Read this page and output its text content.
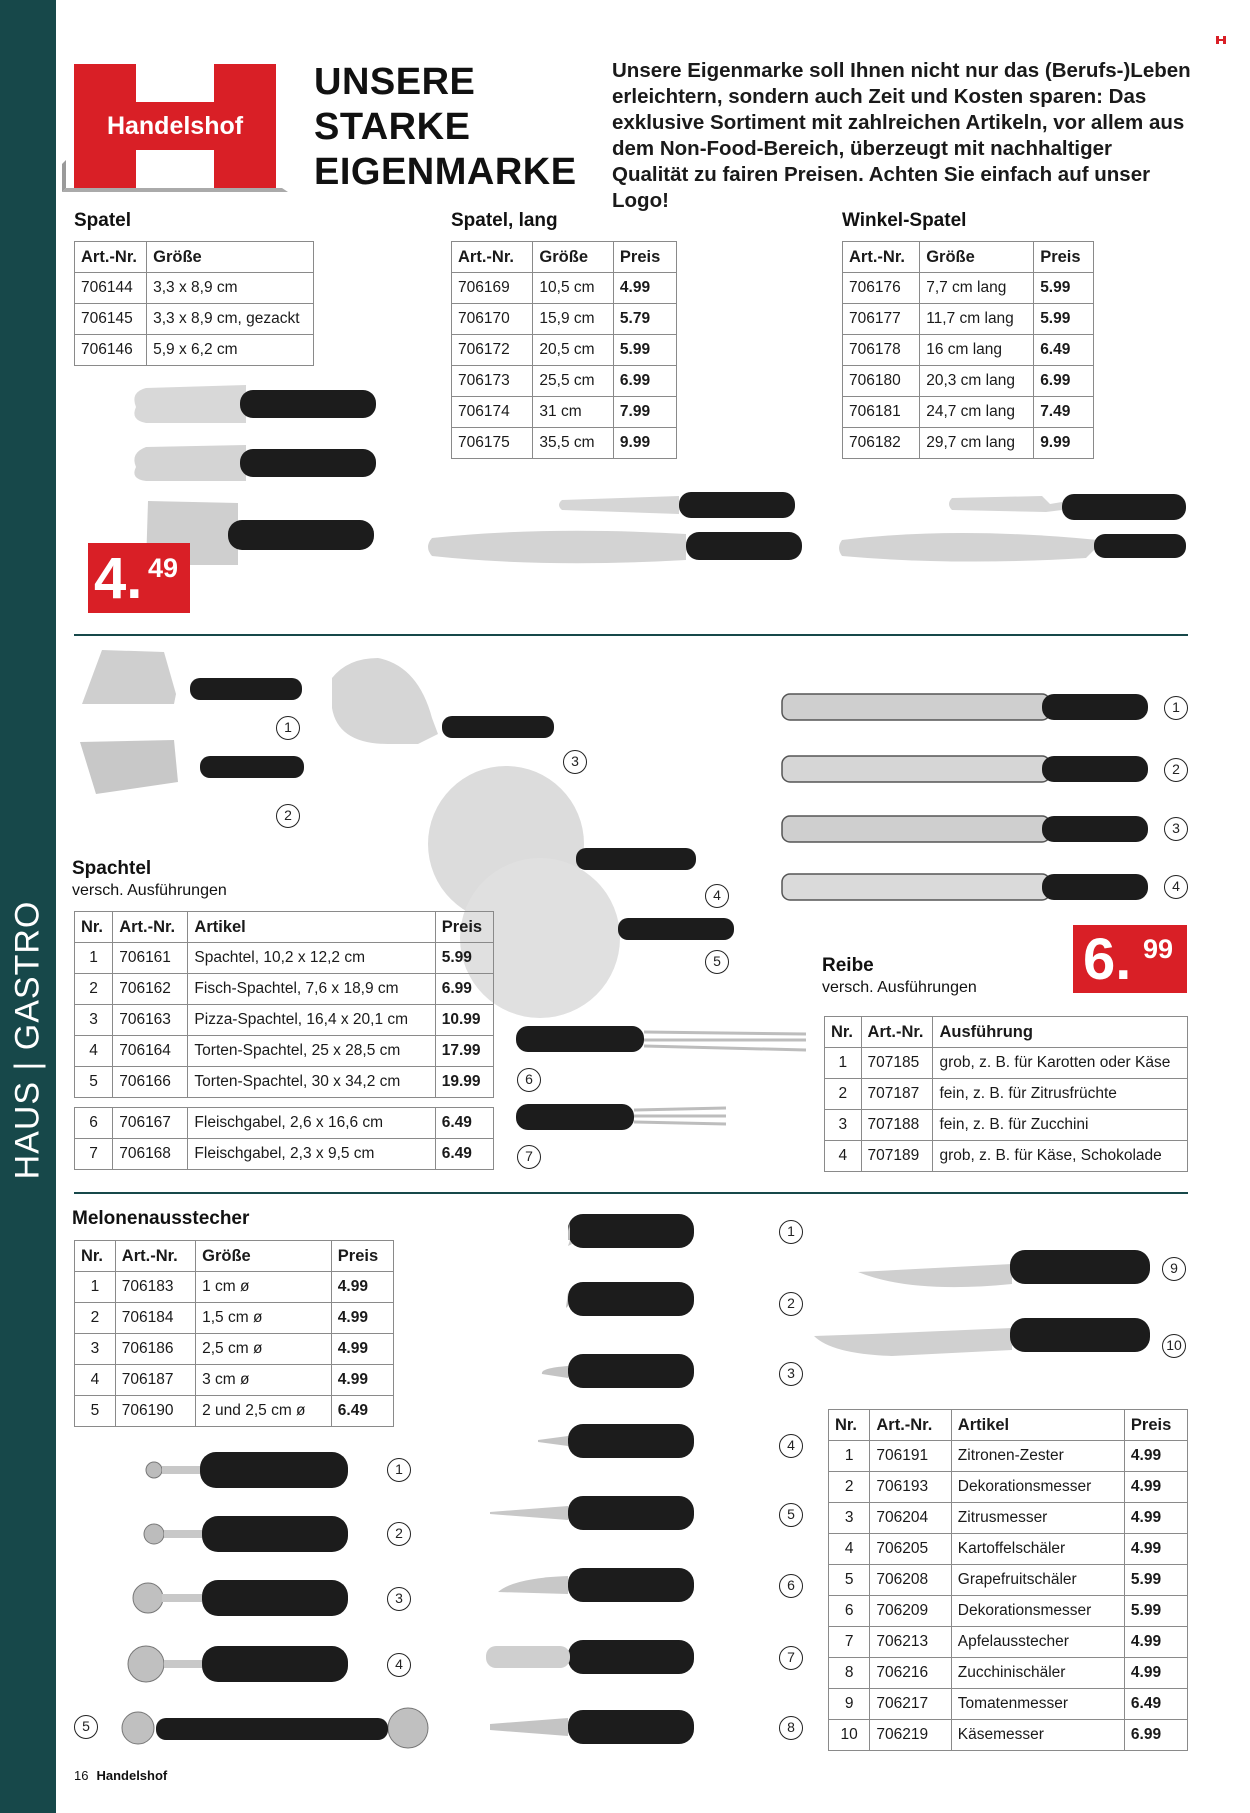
HAUS | GASTRO
Handelshof
UNSERE
STARKE
EIGENMARKE
Unsere Eigenmarke soll Ihnen nicht nur das (Berufs-)Leben erleichtern, sondern auch Zeit und Kosten sparen: Das exklusive Sortiment mit zahlreichen Artikeln, vor allem aus dem Non-Food-Bereich, überzeugt mit nachhaltiger Qualität zu fairen Preisen. Achten Sie einfach auf unser Logo!
Spatel
Art.-Nr.	Größe
706144	3,3 x 8,9 cm
706145	3,3 x 8,9 cm, gezackt
706146	5,9 x 6,2 cm
4. 49
Spatel, lang
Art.-Nr.	Größe	Preis
706169	10,5 cm	4.99
706170	15,9 cm	5.79
706172	20,5 cm	5.99
706173	25,5 cm	6.99
706174	31 cm	7.99
706175	35,5 cm	9.99
Winkel-Spatel
Art.-Nr.	Größe	Preis
706176	7,7 cm lang	5.99
706177	11,7 cm lang	5.99
706178	16 cm lang	6.49
706180	20,3 cm lang	6.99
706181	24,7 cm lang	7.49
706182	29,7 cm lang	9.99
1
2
3
4
5
6
7
Spachtel
versch. Ausführungen
Nr.	Art.-Nr.	Artikel	Preis
1	706161	Spachtel, 10,2 x 12,2 cm	5.99
2	706162	Fisch-Spachtel, 7,6 x 18,9 cm	6.99
3	706163	Pizza-Spachtel, 16,4 x 20,1 cm	10.99
4	706164	Torten-Spachtel, 25 x 28,5 cm	17.99
5	706166	Torten-Spachtel, 30 x 34,2 cm	19.99

6	706167	Fleischgabel, 2,6 x 16,6 cm	6.49
7	706168	Fleischgabel, 2,3 x 9,5 cm	6.49
1
2
3
4
6. 99
Reibe
versch. Ausführungen
Nr.	Art.-Nr.	Ausführung
1	707185	grob, z. B. für Karotten oder Käse
2	707187	fein, z. B. für Zitrusfrüchte
3	707188	fein, z. B. für Zucchini
4	707189	grob, z. B. für Käse, Schokolade
Melonenausstecher
Nr.	Art.-Nr.	Größe	Preis
1	706183	1 cm ø	4.99
2	706184	1,5 cm ø	4.99
3	706186	2,5 cm ø	4.99
4	706187	3 cm ø	4.99
5	706190	2 und 2,5 cm ø	6.49
1
2
3
4
5
1
2
3
4
5
6
7
8
9
10
Nr.	Art.-Nr.	Artikel	Preis
1	706191	Zitronen-Zester	4.99
2	706193	Dekorationsmesser	4.99
3	706204	Zitrusmesser	4.99
4	706205	Kartoffelschäler	4.99
5	706208	Grapefruitschäler	5.99
6	706209	Dekorationsmesser	5.99
7	706213	Apfelausstecher	4.99
8	706216	Zucchinischäler	4.99
9	706217	Tomatenmesser	6.49
10	706219	Käsemesser	6.99
16 Handelshof
